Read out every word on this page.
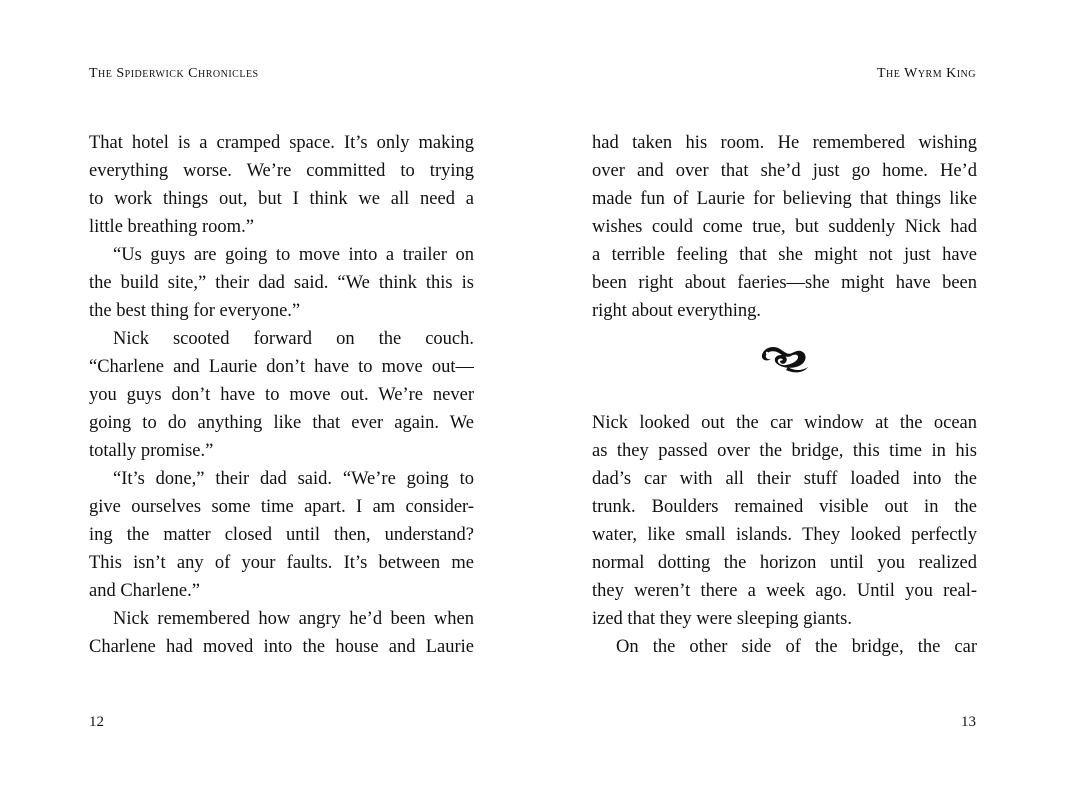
The Spiderwick Chronicles
That hotel is a cramped space. It’s only making
everything worse. We’re committed to trying
to work things out, but I think we all need a
little breathing room.”
“Us guys are going to move into a trailer on
the build site,” their dad said. “We think this is
the best thing for everyone.”
Nick scooted forward on the couch.
“Charlene and Laurie don’t have to move out—
you guys don’t have to move out. We’re never
going to do anything like that ever again. We
totally promise.”
“It’s done,” their dad said. “We’re going to
give ourselves some time apart. I am consider-
ing the matter closed until then, understand?
This isn’t any of your faults. It’s between me
and Charlene.”
Nick remembered how angry he’d been when
Charlene had moved into the house and Laurie
12
The Wyrm King
had taken his room. He remembered wishing
over and over that she’d just go home. He’d
made fun of Laurie for believing that things like
wishes could come true, but suddenly Nick had
a terrible feeling that she might not just have
been right about faeries—she might have been
right about everything.
Nick looked out the car window at the ocean
as they passed over the bridge, this time in his
dad’s car with all their stuff loaded into the
trunk. Boulders remained visible out in the
water, like small islands. They looked perfectly
normal dotting the horizon until you realized
they weren’t there a week ago. Until you real-
ized that they were sleeping giants.
On the other side of the bridge, the car
13
